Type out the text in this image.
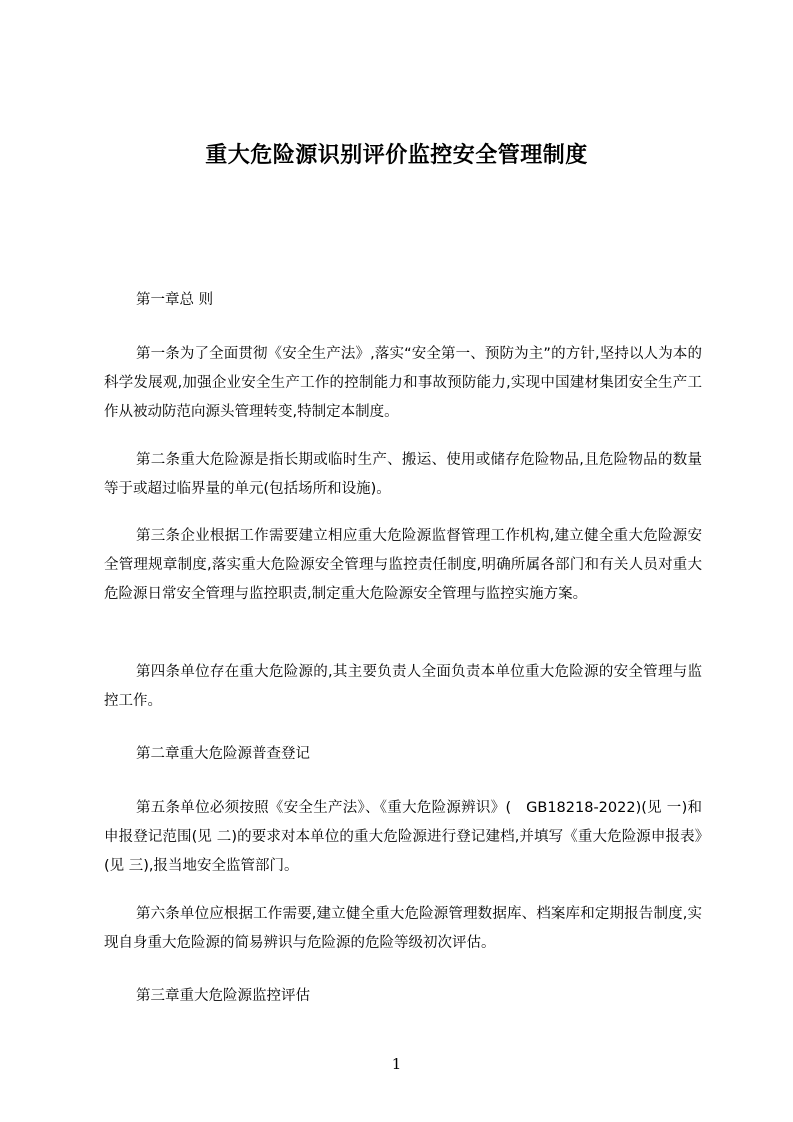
重大危险源识别评价监控安全管理制度
第一章总 则
第一条为了全面贯彻《安全生产法》,落实“安全第一、预防为主”的方针,坚持以人为本的科学发展观,加强企业安全生产工作的控制能力和事故预防能力,实现中国建材集团安全生产工作从被动防范向源头管理转变,特制定本制度。
第二条重大危险源是指长期或临时生产、搬运、使用或储存危险物品,且危险物品的数量等于或超过临界量的单元(包括场所和设施)。
第三条企业根据工作需要建立相应重大危险源监督管理工作机构,建立健全重大危险源安全管理规章制度,落实重大危险源安全管理与监控责任制度,明确所属各部门和有关人员对重大危险源日常安全管理与监控职责,制定重大危险源安全管理与监控实施方案。
第四条单位存在重大危险源的,其主要负责人全面负责本单位重大危险源的安全管理与监控工作。
第二章重大危险源普查登记
第五条单位必须按照《安全生产法》、《重大危险源辨识》(　GB18218-2022)(见 一)和申报登记范围(见 二)的要求对本单位的重大危险源进行登记建档,并填写《重大危险源申报表》(见 三),报当地安全监管部门。
第六条单位应根据工作需要,建立健全重大危险源管理数据库、档案库和定期报告制度,实现自身重大危险源的简易辨识与危险源的危险等级初次评估。
第三章重大危险源监控评估
1
